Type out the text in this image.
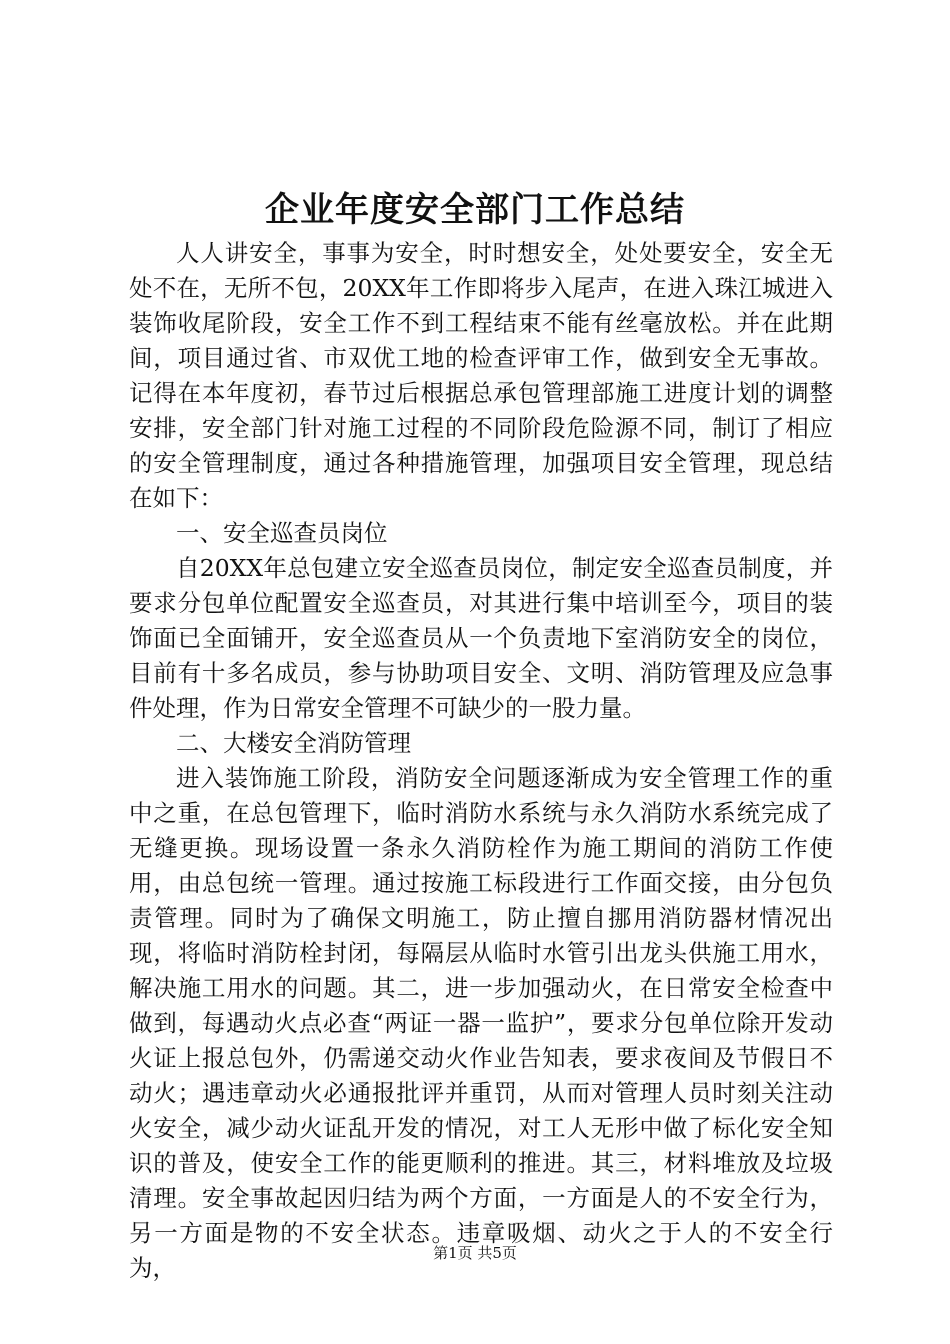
企业年度安全部门工作总结

人人讲安全，事事为安全，时时想安全，处处要安全，安全无处不在，无所不包，20XX年工作即将步入尾声，在进入珠江城进入装饰收尾阶段，安全工作不到工程结束不能有丝毫放松。并在此期间，项目通过省、市双优工地的检查评审工作，做到安全无事故。记得在本年度初，春节过后根据总承包管理部施工进度计划的调整安排，安全部门针对施工过程的不同阶段危险源不同，制订了相应的安全管理制度，通过各种措施管理，加强项目安全管理，现总结在如下：

一、安全巡查员岗位

自20XX年总包建立安全巡查员岗位，制定安全巡查员制度，并要求分包单位配置安全巡查员，对其进行集中培训至今，项目的装饰面已全面铺开，安全巡查员从一个负责地下室消防安全的岗位，目前有十多名成员，参与协助项目安全、文明、消防管理及应急事件处理，作为日常安全管理不可缺少的一股力量。

二、大楼安全消防管理

进入装饰施工阶段，消防安全问题逐渐成为安全管理工作的重中之重，在总包管理下，临时消防水系统与永久消防水系统完成了无缝更换。现场设置一条永久消防栓作为施工期间的消防工作使用，由总包统一管理。通过按施工标段进行工作面交接，由分包负责管理。同时为了确保文明施工，防止擅自挪用消防器材情况出现，将临时消防栓封闭，每隔层从临时水管引出龙头供施工用水，解决施工用水的问题。其二，进一步加强动火，在日常安全检查中做到，每遇动火点必查“两证一器一监护”，要求分包单位除开发动火证上报总包外，仍需递交动火作业告知表，要求夜间及节假日不动火；遇违章动火必通报批评并重罚，从而对管理人员时刻关注动火安全，减少动火证乱开发的情况，对工人无形中做了标化安全知识的普及，使安全工作的能更顺利的推进。其三，材料堆放及垃圾清理。安全事故起因归结为两个方面，一方面是人的不安全行为，另一方面是物的不安全状态。违章吸烟、动火之于人的不安全行为，

第1页 共5页
